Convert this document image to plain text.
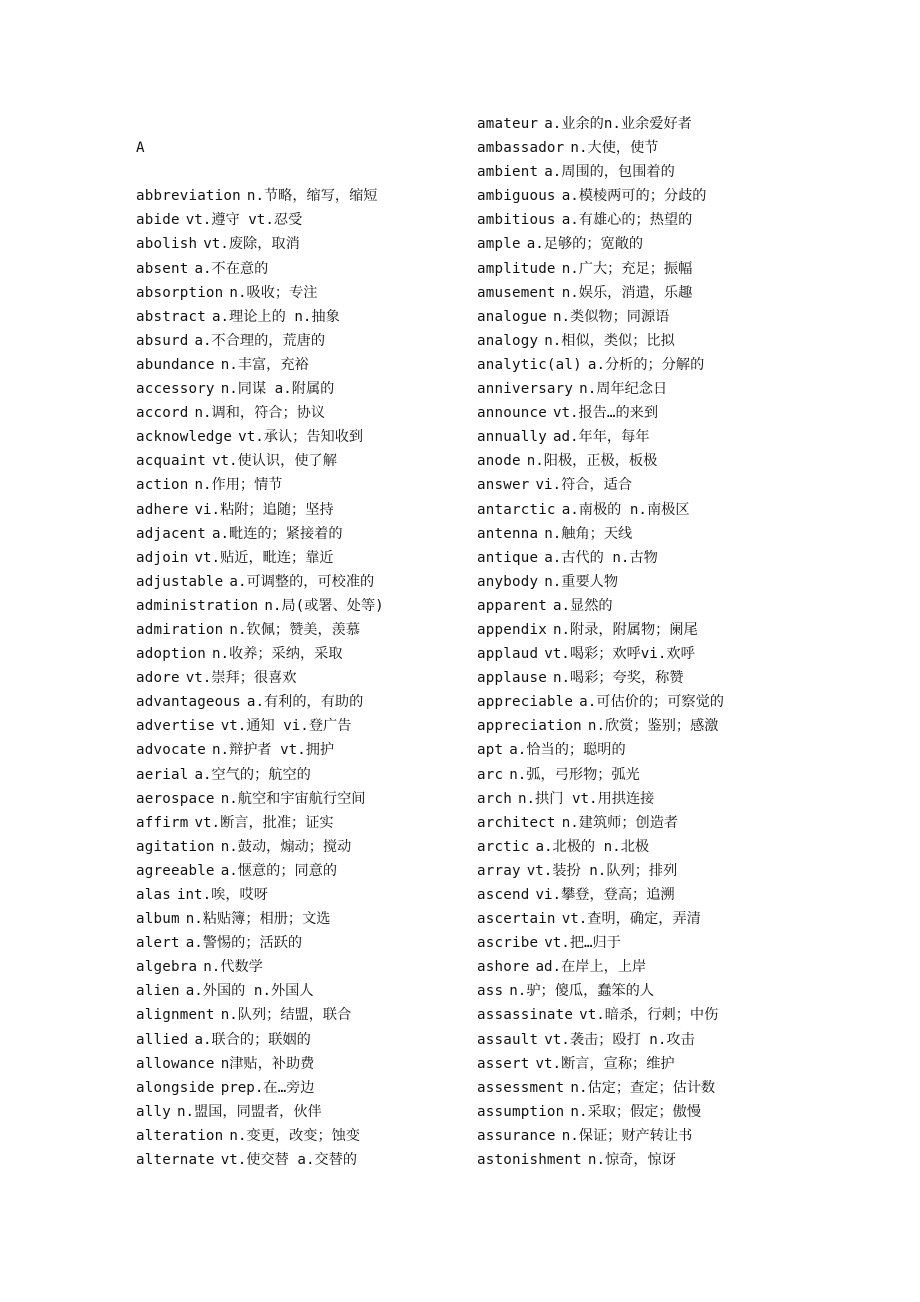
A
abbreviation n.节略，缩写，缩短
abide vt.遵守 vt.忍受
abolish vt.废除，取消
absent a.不在意的
absorption n.吸收；专注
abstract a.理论上的 n.抽象
absurd a.不合理的，荒唐的
abundance n.丰富，充裕
accessory n.同谋 a.附属的
accord n.调和，符合；协议
acknowledge vt.承认；告知收到
acquaint vt.使认识，使了解
action n.作用；情节
adhere vi.粘附；追随；坚持
adjacent a.毗连的；紧接着的
adjoin vt.贴近，毗连；靠近
adjustable a.可调整的，可校准的
administration n.局(或署、处等)
admiration n.钦佩；赞美，羡慕
adoption n.收养；采纳，采取
adore vt.崇拜；很喜欢
advantageous a.有利的，有助的
advertise vt.通知 vi.登广告
advocate n.辩护者 vt.拥护
aerial a.空气的；航空的
aerospace n.航空和宇宙航行空间
affirm vt.断言，批准；证实
agitation n.鼓动，煽动；搅动
agreeable a.惬意的；同意的
alas int.唉，哎呀
album n.粘贴簿；相册；文选
alert a.警惕的；活跃的
algebra n.代数学
alien a.外国的 n.外国人
alignment n.队列；结盟，联合
allied a.联合的；联姻的
allowance n津贴，补助费
alongside prep.在…旁边
ally n.盟国，同盟者，伙伴
alteration n.变更，改变；蚀变
alternate vt.使交替 a.交替的
amateur a.业余的n.业余爱好者
ambassador n.大使，使节
ambient a.周围的，包围着的
ambiguous a.模棱两可的；分歧的
ambitious a.有雄心的；热望的
ample a.足够的；宽敞的
amplitude n.广大；充足；振幅
amusement n.娱乐，消遣，乐趣
analogue n.类似物；同源语
analogy n.相似，类似；比拟
analytic(al) a.分析的；分解的
anniversary n.周年纪念日
announce vt.报告…的来到
annually ad.年年，每年
anode n.阳极，正极，板极
answer vi.符合，适合
antarctic a.南极的 n.南极区
antenna n.触角；天线
antique a.古代的 n.古物
anybody n.重要人物
apparent a.显然的
appendix n.附录，附属物；阑尾
applaud vt.喝彩；欢呼vi.欢呼
applause n.喝彩；夸奖，称赞
appreciable a.可估价的；可察觉的
appreciation n.欣赏；鉴别；感激
apt a.恰当的；聪明的
arc n.弧，弓形物；弧光
arch n.拱门 vt.用拱连接
architect n.建筑师；创造者
arctic a.北极的 n.北极
array vt.装扮 n.队列；排列
ascend vi.攀登，登高；追溯
ascertain vt.查明，确定，弄清
ascribe vt.把…归于
ashore ad.在岸上，上岸
ass n.驴；傻瓜，蠢笨的人
assassinate vt.暗杀，行刺；中伤
assault vt.袭击；殴打 n.攻击
assert vt.断言，宣称；维护
assessment n.估定；查定；估计数
assumption n.采取；假定；傲慢
assurance n.保证；财产转让书
astonishment n.惊奇，惊讶
